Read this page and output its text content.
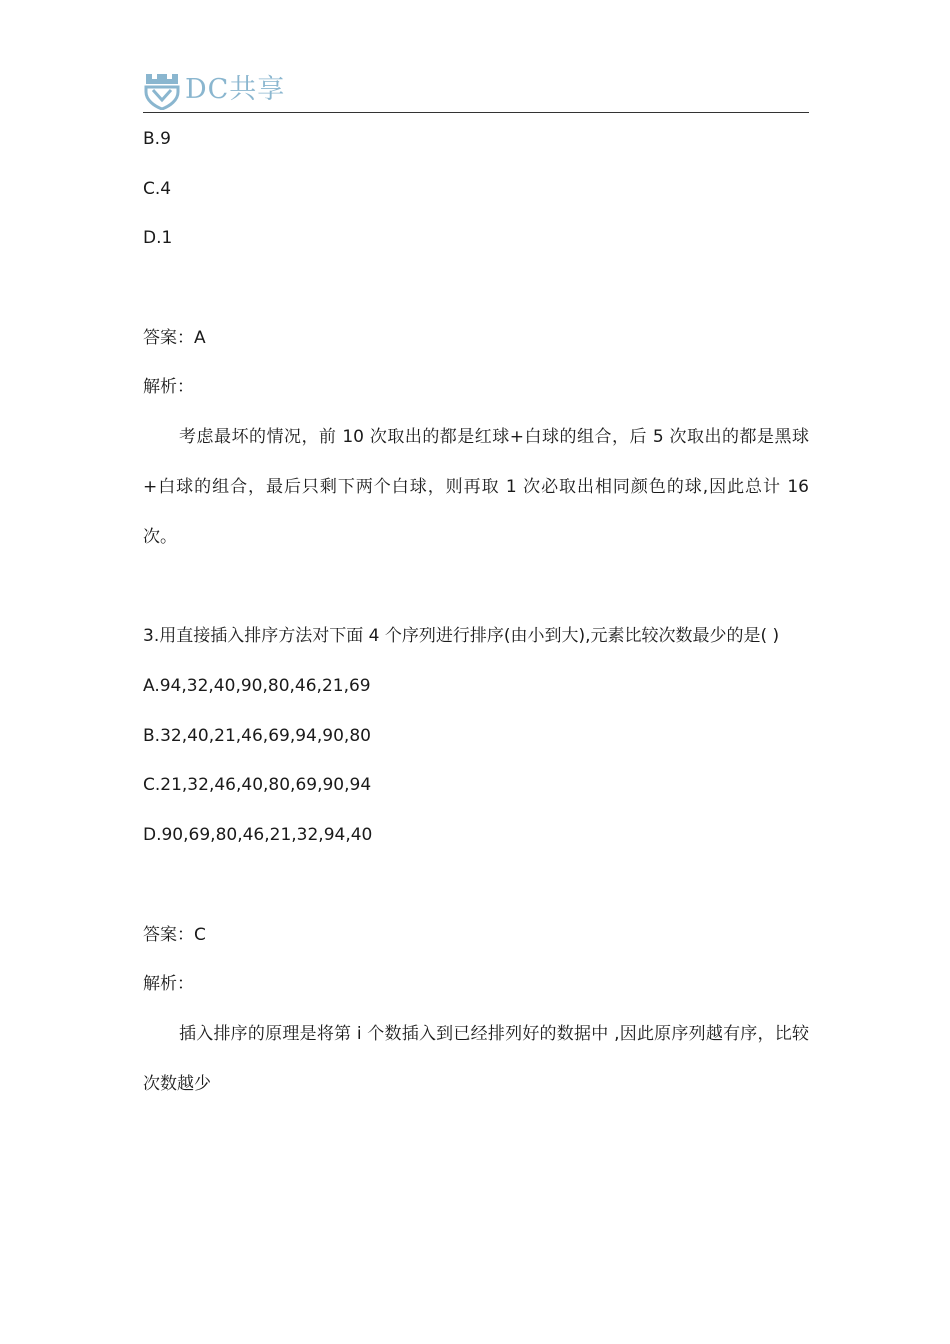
DC共享
B.9
C.4
D.1
答案：A
解析：

考虑最坏的情况，前 10 次取出的都是红球+白球的组合，后 5 次取出的都是黑球+白球的组合，最后只剩下两个白球，则再取 1 次必取出相同颜色的球,因此总计 16 次。

3.用直接插入排序方法对下面 4 个序列进行排序(由小到大),元素比较次数最少的是( )

A.94,32,40,90,80,46,21,69
B.32,40,21,46,69,94,90,80
C.21,32,46,40,80,69,90,94
D.90,69,80,46,21,32,94,40
答案：C
解析：

插入排序的原理是将第 i 个数插入到已经排列好的数据中 ,因此原序列越有序，比较次数越少
